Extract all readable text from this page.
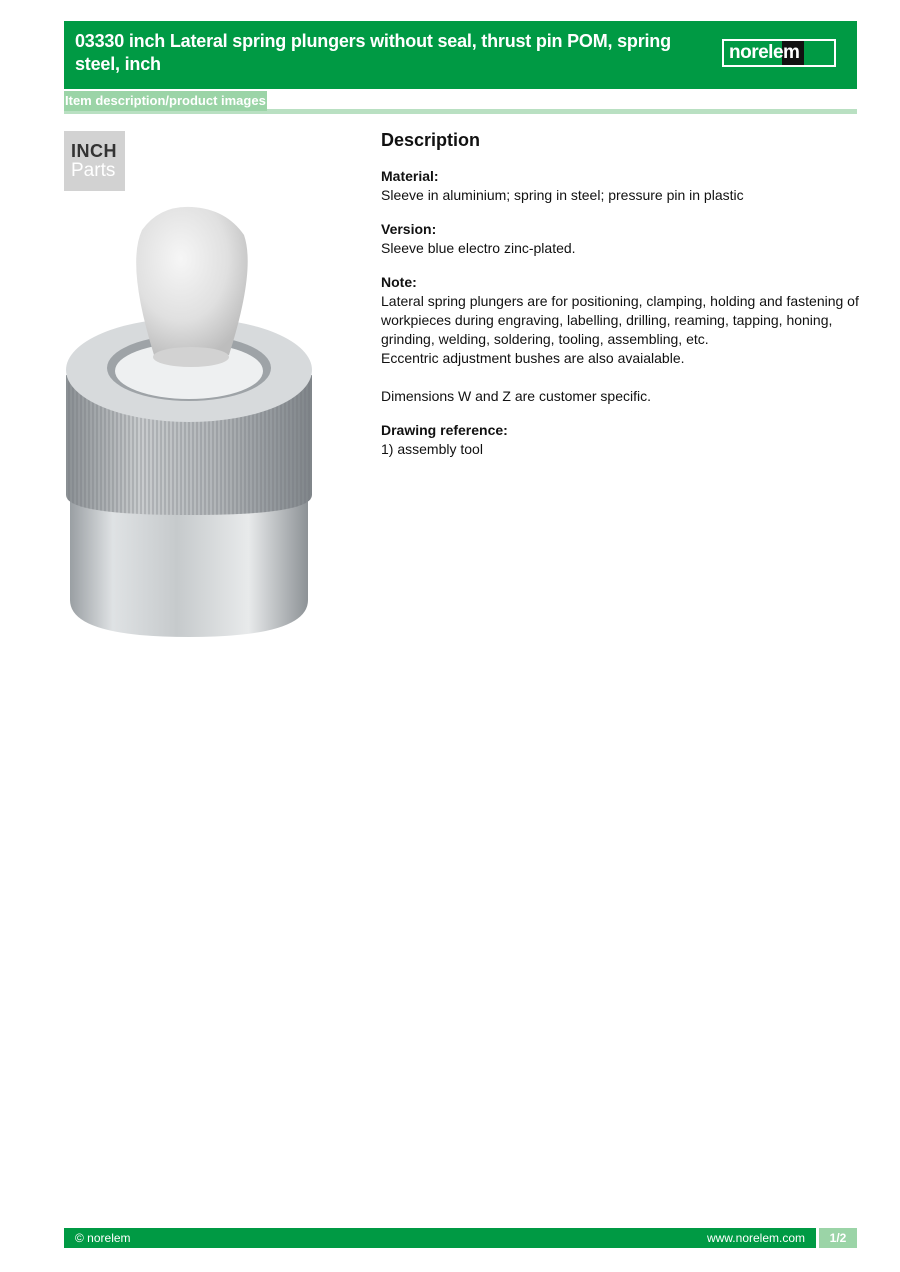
03330 inch Lateral spring plungers without seal, thrust pin POM, spring steel, inch
norelem
Item description/product images
INCH
Parts
Description
Material:

Sleeve in aluminium; spring in steel; pressure pin in plastic

Version:

Sleeve blue electro zinc-plated.

Note:

Lateral spring plungers are for positioning, clamping, holding and fastening of workpieces during engraving, labelling, drilling, reaming, tapping, honing, grinding, welding, soldering, tooling, assembling, etc.

Eccentric adjustment bushes are also avaialable.

Dimensions W and Z are customer specific.

Drawing reference:

1) assembly tool

© norelem	www.norelem.com	1/2
